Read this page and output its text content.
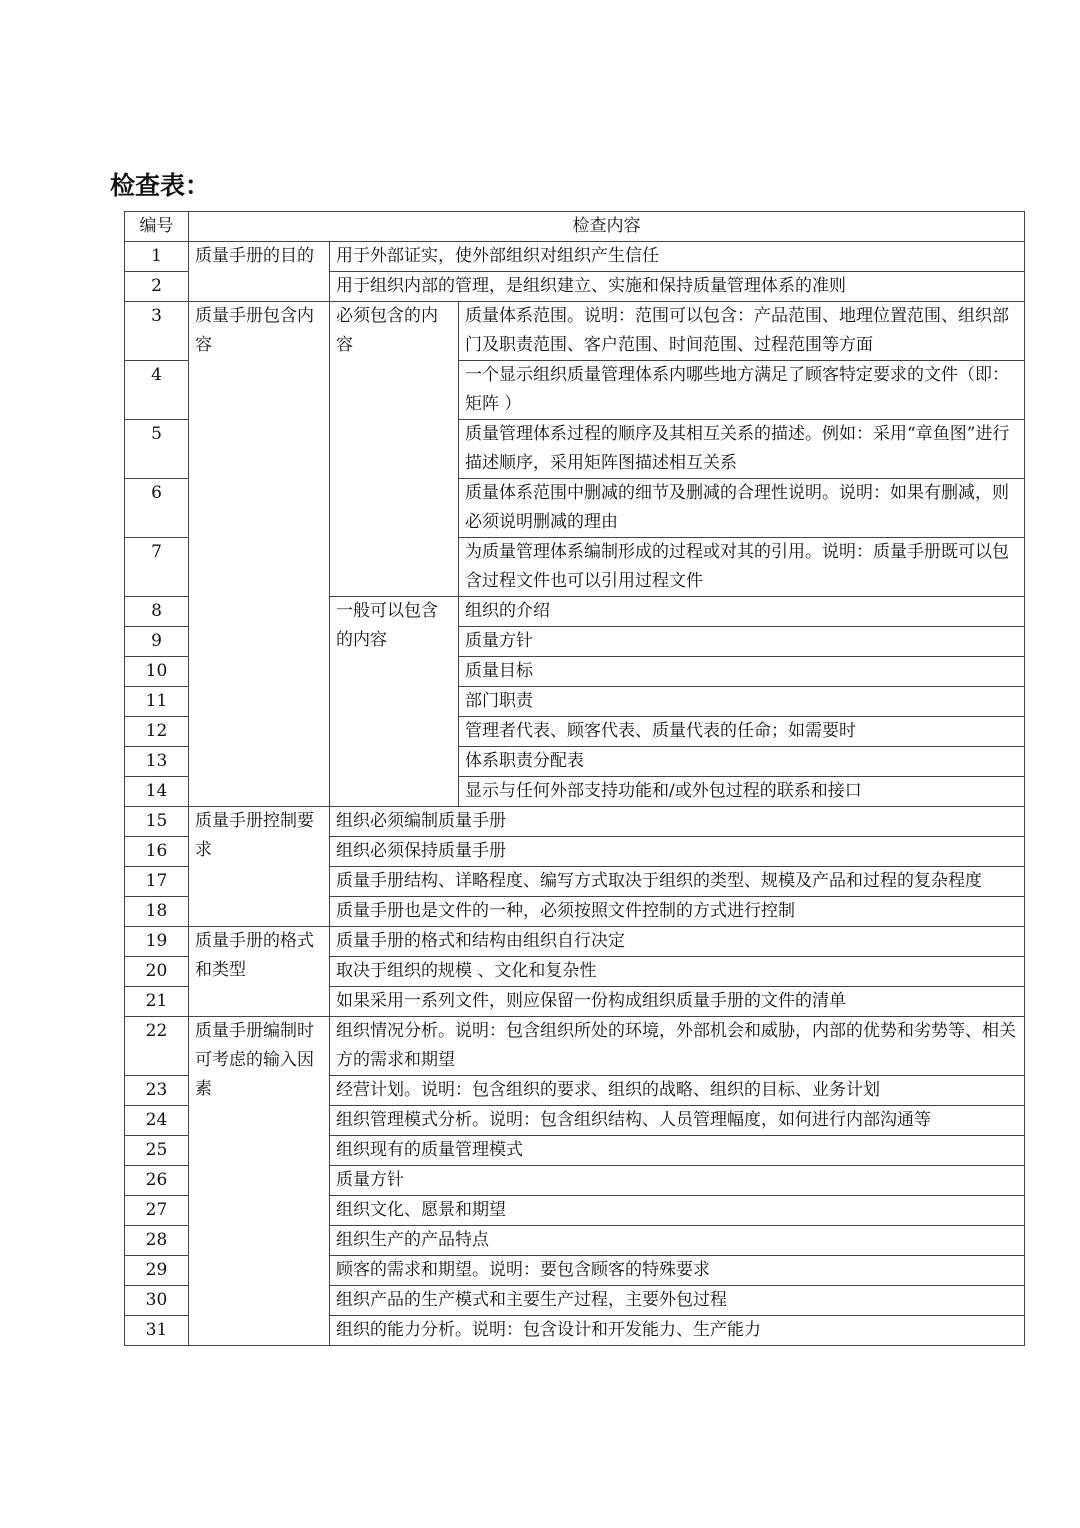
检查表：
编号	检查内容		
1	质量手册的目的	用于外部证实，使外部组织对组织产生信任	
2		用于组织内部的管理，是组织建立、实施和保持质量管理体系的准则	
3	质量手册包含内容	必须包含的内容	质量体系范围。说明：范围可以包含：产品范围、地理位置范围、组织部门及职责范围、客户范围、时间范围、过程范围等方面
4			一个显示组织质量管理体系内哪些地方满足了顾客特定要求的文件（即：矩阵 ）
5			质量管理体系过程的顺序及其相互关系的描述。例如：采用“章鱼图”进行描述顺序，采用矩阵图描述相互关系
6			质量体系范围中删减的细节及删减的合理性说明。说明：如果有删减，则必须说明删减的理由
7			为质量管理体系编制形成的过程或对其的引用。说明：质量手册既可以包含过程文件也可以引用过程文件
8		一般可以包含的内容	组织的介绍
9			质量方针
10			质量目标
11			部门职责
12			管理者代表、顾客代表、质量代表的任命；如需要时
13			体系职责分配表
14			显示与任何外部支持功能和/或外包过程的联系和接口
15	质量手册控制要求	组织必须编制质量手册	
16		组织必须保持质量手册	
17		质量手册结构、详略程度、编写方式取决于组织的类型、规模及产品和过程的复杂程度	
18		质量手册也是文件的一种，必须按照文件控制的方式进行控制	
19	质量手册的格式和类型	质量手册的格式和结构由组织自行决定	
20		取决于组织的规模 、文化和复杂性	
21		如果采用一系列文件，则应保留一份构成组织质量手册的文件的清单	
22	质量手册编制时可考虑的输入因素	组织情况分析。说明：包含组织所处的环境，外部机会和威胁，内部的优势和劣势等、相关方的需求和期望	
23		经营计划。说明：包含组织的要求、组织的战略、组织的目标、业务计划	
24		组织管理模式分析。说明：包含组织结构、人员管理幅度，如何进行内部沟通等	
25		组织现有的质量管理模式	
26		质量方针	
27		组织文化、愿景和期望	
28		组织生产的产品特点	
29		顾客的需求和期望。说明：要包含顾客的特殊要求	
30		组织产品的生产模式和主要生产过程，主要外包过程	
31		组织的能力分析。说明：包含设计和开发能力、生产能力	
